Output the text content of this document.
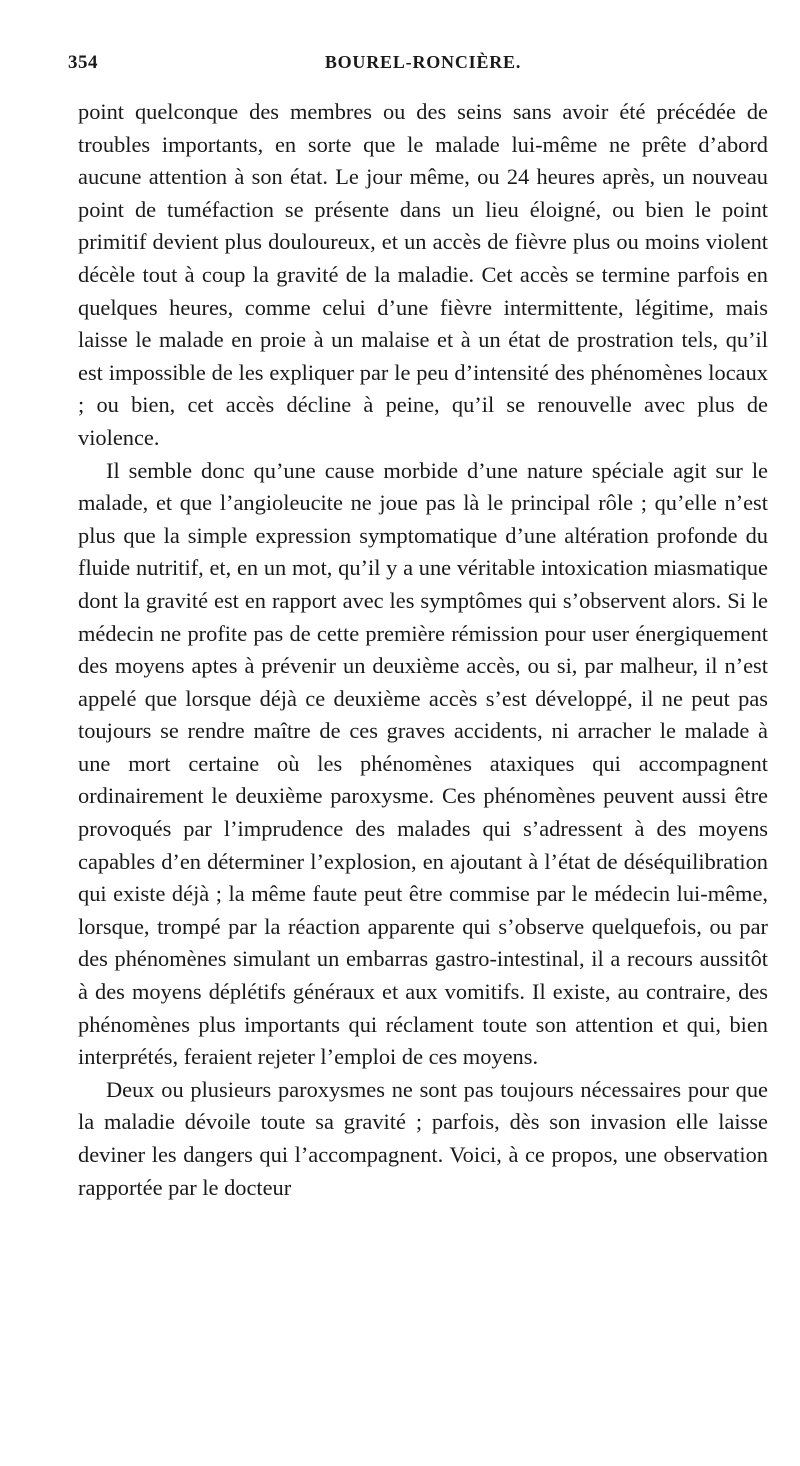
354	BOUREL-RONCIÈRE.

point quelconque des membres ou des seins sans avoir été précédée de troubles importants, en sorte que le malade lui-même ne prête d’abord aucune attention à son état. Le jour même, ou 24 heures après, un nouveau point de tuméfaction se présente dans un lieu éloigné, ou bien le point primitif devient plus douloureux, et un accès de fièvre plus ou moins violent décèle tout à coup la gravité de la maladie. Cet accès se termine parfois en quelques heures, comme celui d’une fièvre intermittente, légitime, mais laisse le malade en proie à un malaise et à un état de prostration tels, qu’il est impossible de les expliquer par le peu d’intensité des phénomènes locaux ; ou bien, cet accès décline à peine, qu’il se renouvelle avec plus de violence.

Il semble donc qu’une cause morbide d’une nature spéciale agit sur le malade, et que l’angioleucite ne joue pas là le principal rôle ; qu’elle n’est plus que la simple expression symptomatique d’une altération profonde du fluide nutritif, et, en un mot, qu’il y a une véritable intoxication miasmatique dont la gravité est en rapport avec les symptômes qui s’observent alors. Si le médecin ne profite pas de cette première rémission pour user énergiquement des moyens aptes à prévenir un deuxième accès, ou si, par malheur, il n’est appelé que lorsque déjà ce deuxième accès s’est développé, il ne peut pas toujours se rendre maître de ces graves accidents, ni arracher le malade à une mort certaine où les phénomènes ataxiques qui accompagnent ordinairement le deuxième paroxysme. Ces phénomènes peuvent aussi être provoqués par l’imprudence des malades qui s’adressent à des moyens capables d’en déterminer l’explosion, en ajoutant à l’état de déséquilibration qui existe déjà ; la même faute peut être commise par le médecin lui-même, lorsque, trompé par la réaction apparente qui s’observe quelquefois, ou par des phénomènes simulant un embarras gastro-intestinal, il a recours aussitôt à des moyens déplétifs généraux et aux vomitifs. Il existe, au contraire, des phénomènes plus importants qui réclament toute son attention et qui, bien interprétés, feraient rejeter l’emploi de ces moyens.

Deux ou plusieurs paroxysmes ne sont pas toujours nécessaires pour que la maladie dévoile toute sa gravité ; parfois, dès son invasion elle laisse deviner les dangers qui l’accompagnent. Voici, à ce propos, une observation rapportée par le docteur
